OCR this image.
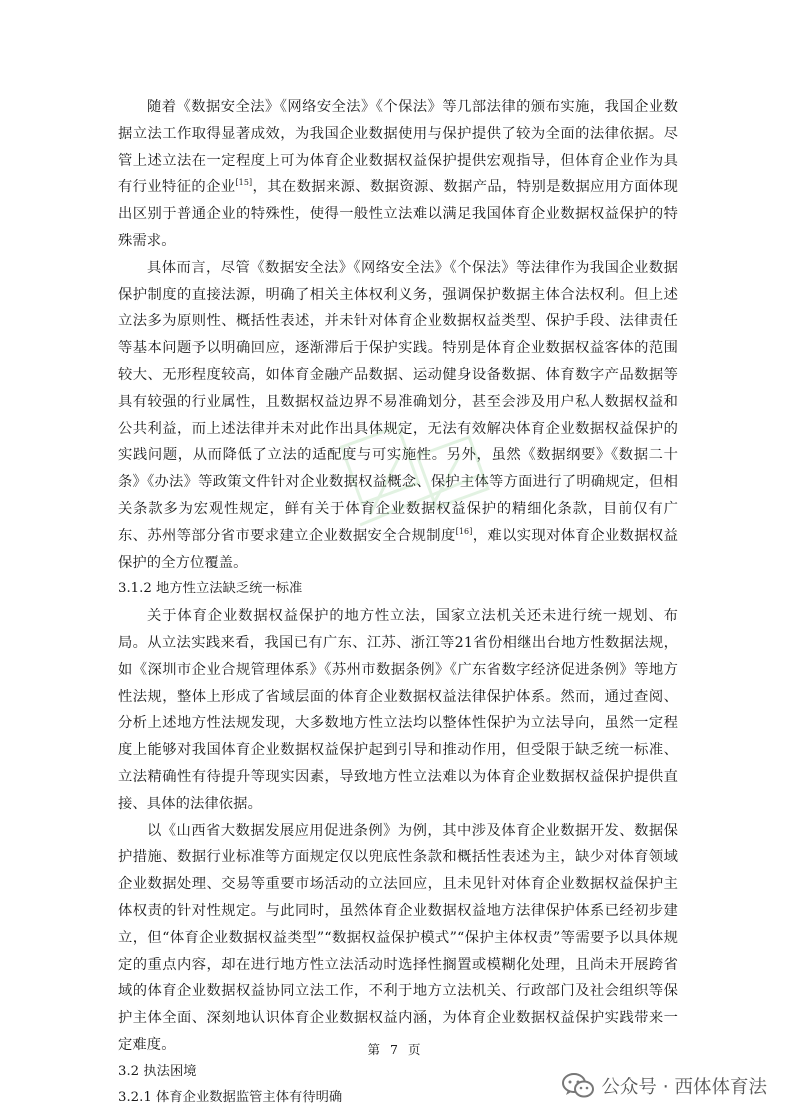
随着《数据安全法》《网络安全法》《个保法》等几部法律的颁布实施，我国企业数据立法工作取得显著成效，为我国企业数据使用与保护提供了较为全面的法律依据。尽管上述立法在一定程度上可为体育企业数据权益保护提供宏观指导，但体育企业作为具有行业特征的企业[15]，其在数据来源、数据资源、数据产品，特别是数据应用方面体现出区别于普通企业的特殊性，使得一般性立法难以满足我国体育企业数据权益保护的特殊需求。

具体而言，尽管《数据安全法》《网络安全法》《个保法》等法律作为我国企业数据保护制度的直接法源，明确了相关主体权利义务，强调保护数据主体合法权利。但上述立法多为原则性、概括性表述，并未针对体育企业数据权益类型、保护手段、法律责任等基本问题予以明确回应，逐渐滞后于保护实践。特别是体育企业数据权益客体的范围较大、无形程度较高，如体育金融产品数据、运动健身设备数据、体育数字产品数据等具有较强的行业属性，且数据权益边界不易准确划分，甚至会涉及用户私人数据权益和公共利益，而上述法律并未对此作出具体规定，无法有效解决体育企业数据权益保护的实践问题，从而降低了立法的适配度与可实施性。另外，虽然《数据纲要》《数据二十条》《办法》等政策文件针对企业数据权益概念、保护主体等方面进行了明确规定，但相关条款多为宏观性规定，鲜有关于体育企业数据权益保护的精细化条款，目前仅有广东、苏州等部分省市要求建立企业数据安全合规制度[16]，难以实现对体育企业数据权益保护的全方位覆盖。

3.1.2 地方性立法缺乏统一标准

关于体育企业数据权益保护的地方性立法，国家立法机关还未进行统一规划、布局。从立法实践来看，我国已有广东、江苏、浙江等21省份相继出台地方性数据法规，如《深圳市企业合规管理体系》《苏州市数据条例》《广东省数字经济促进条例》等地方性法规，整体上形成了省域层面的体育企业数据权益法律保护体系。然而，通过查阅、分析上述地方性法规发现，大多数地方性立法均以整体性保护为立法导向，虽然一定程度上能够对我国体育企业数据权益保护起到引导和推动作用，但受限于缺乏统一标准、立法精确性有待提升等现实因素，导致地方性立法难以为体育企业数据权益保护提供直接、具体的法律依据。

以《山西省大数据发展应用促进条例》为例，其中涉及体育企业数据开发、数据保护措施、数据行业标准等方面规定仅以兜底性条款和概括性表述为主，缺少对体育领域企业数据处理、交易等重要市场活动的立法回应，且未见针对体育企业数据权益保护主体权责的针对性规定。与此同时，虽然体育企业数据权益地方法律保护体系已经初步建立，但“体育企业数据权益类型”“数据权益保护模式”“保护主体权责”等需要予以具体规定的重点内容，却在进行地方性立法活动时选择性搁置或模糊化处理，且尚未开展跨省域的体育企业数据权益协同立法工作，不利于地方立法机关、行政部门及社会组织等保护主体全面、深刻地认识体育企业数据权益内涵，为体育企业数据权益保护实践带来一定难度。

3.2 执法困境

3.2.1 体育企业数据监管主体有待明确

第 7 页
公众号 · 西体体育法
